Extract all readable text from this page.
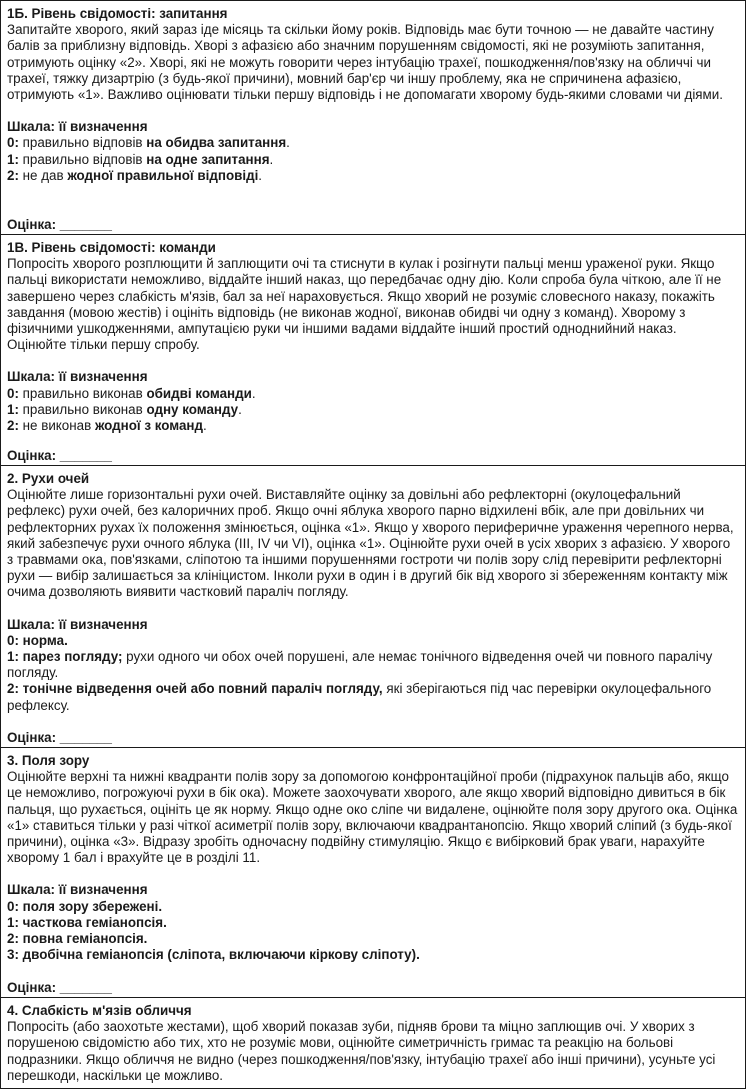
1Б. Рівень свідомості: запитання

Запитайте хворого, який зараз іде місяць та скільки йому років. Відповідь має бути точною — не давайте частину балів за приблизну відповідь. Хворі з афазією або значним порушенням свідомості, які не розуміють запитання, отримують оцінку «2». Хворі, які не можуть говорити через інтубацію трахеї, пошкодження/пов'язку на обличчі чи трахеї, тяжку дизартрію (з будь-якої причини), мовний бар'єр чи іншу проблему, яка не спричинена афазією, отримують «1». Важливо оцінювати тільки першу відповідь і не допомагати хворому будь-якими словами чи діями.

Шкала: її визначення

0: правильно відповів на обидва запитання.

1: правильно відповів на одне запитання.

2: не дав жодної правильної відповіді.

Оцінка: _______

1В. Рівень свідомості: команди

Попросіть хворого розплющити й заплющити очі та стиснути в кулак і розігнути пальці менш ураженої руки. Якщо пальці використати неможливо, віддайте інший наказ, що передбачає одну дію. Коли спроба була чіткою, але її не завершено через слабкість м'язів, бал за неї нараховується. Якщо хворий не розуміє словесного наказу, покажіть завдання (мовою жестів) і оцініть відповідь (не виконав жодної, виконав обидві чи одну з команд). Хворому з фізичними ушкодженнями, ампутацією руки чи іншими вадами віддайте інший простий одноднийний наказ. Оцінюйте тільки першу спробу.

Шкала: її визначення

0: правильно виконав обидві команди.

1: правильно виконав одну команду.

2: не виконав жодної з команд.

Оцінка: _______

2. Рухи очей

Оцінюйте лише горизонтальні рухи очей. Виставляйте оцінку за довільні або рефлекторні (окулоцефальний рефлекс) рухи очей, без калоричних проб. Якщо очні яблука хворого парно відхилені вбік, але при довільних чи рефлекторних рухах їх положення змінюється, оцінка «1». Якщо у хворого периферичне ураження черепного нерва, який забезпечує рухи очного яблука (III, IV чи VI), оцінка «1». Оцінюйте рухи очей в усіх хворих з афазією. У хворого з травмами ока, пов'язками, сліпотою та іншими порушеннями гостроти чи полів зору слід перевірити рефлекторні рухи — вибір залишається за клініцистом. Інколи рухи в один і в другий бік від хворого зі збереженням контакту між очима дозволяють виявити частковий параліч погляду.

Шкала: її визначення

0: норма.

1: парез погляду; рухи одного чи обох очей порушені, але немає тонічного відведення очей чи повного паралічу погляду.

2: тонічне відведення очей або повний параліч погляду, які зберігаються під час перевірки окулоцефального рефлексу.

Оцінка: _______

3. Поля зору

Оцінюйте верхні та нижні квадранти полів зору за допомогою конфронтаційної проби (підрахунок пальців або, якщо це неможливо, погрожуючі рухи в бік ока). Можете заохочувати хворого, але якщо хворий відповідно дивиться в бік пальця, що рухається, оцініть це як норму. Якщо одне око сліпе чи видалене, оцінюйте поля зору другого ока. Оцінка «1» ставиться тільки у разі чіткої асиметрії полів зору, включаючи квадрантанопсію. Якщо хворий сліпий (з будь-якої причини), оцінка «3». Відразу зробіть одночасну подвійну стимуляцію. Якщо є вибірковий брак уваги, нарахуйте хворому 1 бал і врахуйте це в розділі 11.

Шкала: її визначення

0: поля зору збережені.

1: часткова геміанопсія.

2: повна геміанопсія.

3: двобічна геміанопсія (сліпота, включаючи кіркову сліпоту).

Оцінка: _______

4. Слабкість м'язів обличчя

Попросіть (або заохотьте жестами), щоб хворий показав зуби, підняв брови та міцно заплющив очі. У хворих з порушеною свідомістю або тих, хто не розуміє мови, оцінюйте симетричність гримас та реакцію на больові подразники. Якщо обличчя не видно (через пошкодження/пов'язку, інтубацію трахеї або інші причини), усуньте усі перешкоди, наскільки це можливо.
